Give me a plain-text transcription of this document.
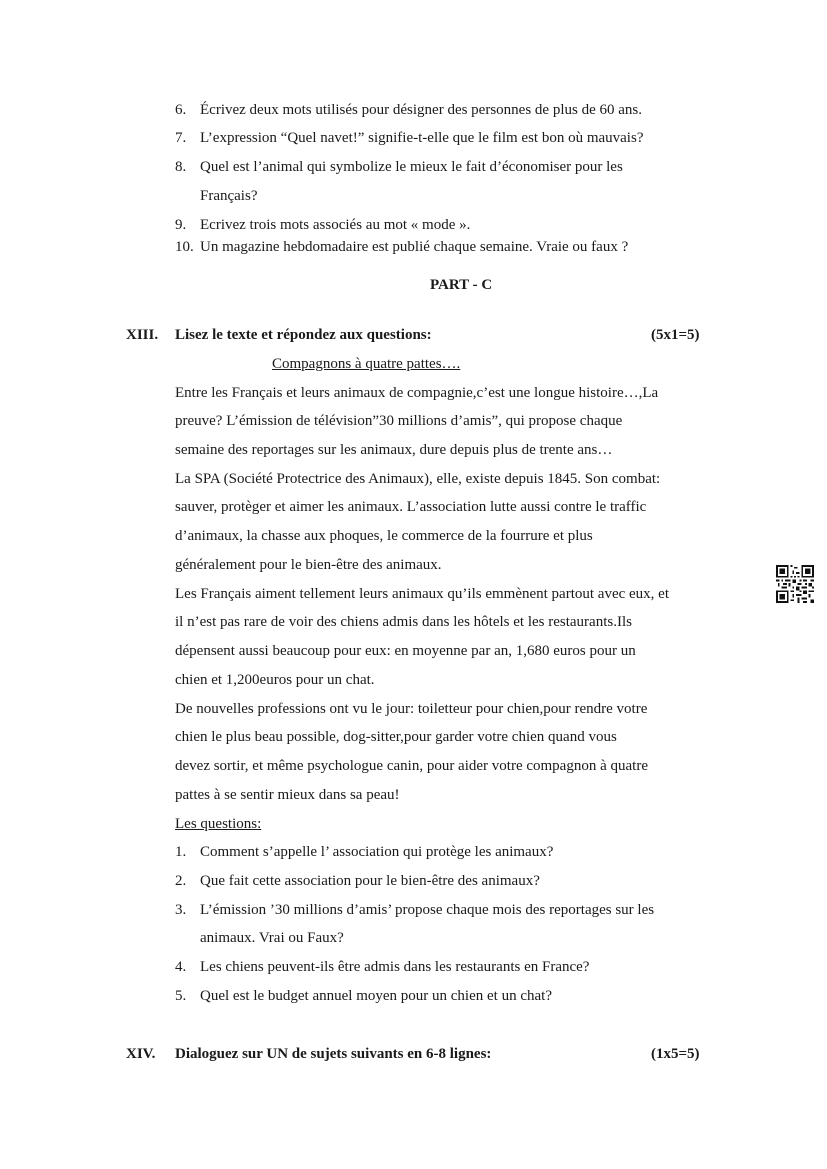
6. Écrivez deux mots utilisés pour désigner des personnes de plus de 60 ans.
7. L’expression “Quel navet!” signifie-t-elle que le film est bon où mauvais?
8. Quel est l’animal qui symbolize le mieux le fait d’économiser pour les
Français?
9. Ecrivez trois mots associés au mot « mode ».
10. Un magazine hebdomadaire est publié chaque semaine. Vraie ou faux ?
PART - C
XIII. Lisez le texte et répondez aux questions:	(5x1=5)
Compagnons à quatre pattes….
Entre les Français et leurs animaux de compagnie,c’est une longue histoire…,La
preuve? L’émission de télévision”30 millions d’amis”, qui propose chaque
semaine des reportages sur les animaux, dure depuis plus de trente ans…
La SPA (Société Protectrice des Animaux), elle, existe depuis 1845. Son combat:
sauver, protèger et aimer les animaux. L’association lutte aussi contre le traffic
d’animaux, la chasse aux phoques, le commerce de la fourrure et plus
généralement pour le bien-être des animaux.
Les Français aiment tellement leurs animaux qu’ils emmènent partout avec eux, et
il n’est pas rare de voir des chiens admis dans les hôtels et les restaurants.Ils
dépensent aussi beaucoup pour eux: en moyenne par an, 1,680 euros pour un
chien et 1,200euros pour un chat.
De nouvelles professions ont vu le jour: toiletteur pour chien,pour rendre votre
chien le plus beau possible, dog-sitter,pour garder votre chien quand vous
devez sortir, et même psychologue canin, pour aider votre compagnon à quatre
pattes à se sentir mieux dans sa peau!
Les questions:
1. Comment s’appelle l’ association qui protège les animaux?
2. Que fait cette association pour le bien-être des animaux?
3. L’émission ’30 millions d’amis’ propose chaque mois des reportages sur les
animaux. Vrai ou Faux?
4. Les chiens peuvent-ils être admis dans les restaurants en France?
5. Quel est le budget annuel moyen pour un chien et un chat?
XIV. Dialoguez sur UN de sujets suivants en 6-8 lignes:	(1x5=5)
